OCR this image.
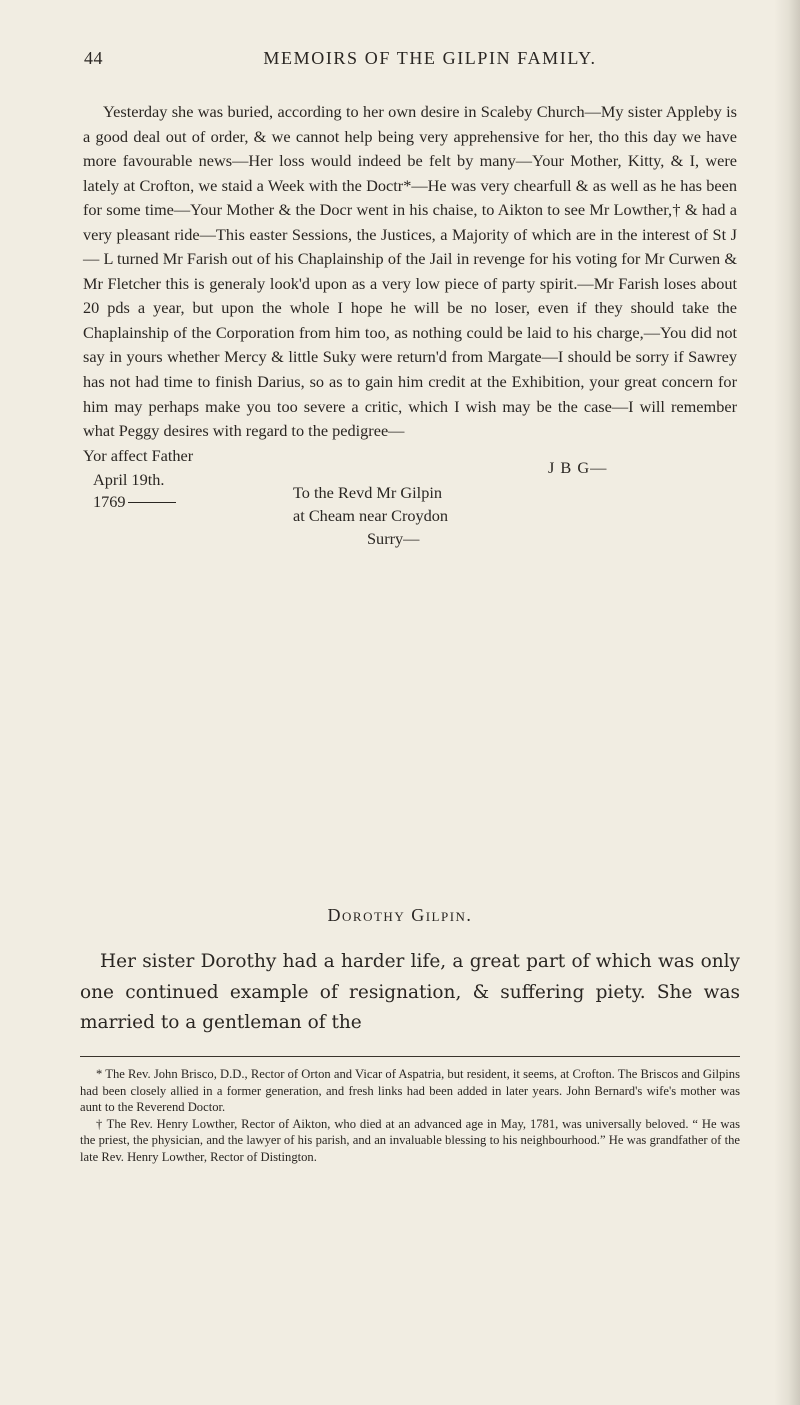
44	MEMOIRS OF THE GILPIN FAMILY.

Yesterday she was buried, according to her own desire in Scaleby Church—My sister Appleby is a good deal out of order, & we cannot help being very apprehensive for her, tho this day we have more favourable news—Her loss would indeed be felt by many—Your Mother, Kitty, & I, were lately at Crofton, we staid a Week with the Doctr*—He was very chearfull & as well as he has been for some time—Your Mother & the Docr went in his chaise, to Aikton to see Mr Lowther,† & had a very pleasant ride—This easter Sessions, the Justices, a Majority of which are in the interest of St J— L turned Mr Farish out of his Chaplainship of the Jail in revenge for his voting for Mr Curwen & Mr Fletcher this is generaly look'd upon as a very low piece of party spirit.—Mr Farish loses about 20 pds a year, but upon the whole I hope he will be no loser, even if they should take the Chaplainship of the Corporation from him too, as nothing could be laid to his charge,—You did not say in yours whether Mercy & little Suky were return'd from Margate—I should be sorry if Sawrey has not had time to finish Darius, so as to gain him credit at the Exhibition, your great concern for him may perhaps make you too severe a critic, which I wish may be the case—I will remember what Peggy desires with regard to the pedigree—

Yor affect Father
J B G—
April 19th.
To the Revd Mr Gilpin
at Cheam near Croydon
Surry—
1769
Dorothy Gilpin.

Her sister Dorothy had a harder life, a great part of which was only one continued example of resignation, & suffering piety. She was married to a gentleman of the

* The Rev. John Brisco, D.D., Rector of Orton and Vicar of Aspatria, but resident, it seems, at Crofton. The Briscos and Gilpins had been closely allied in a former generation, and fresh links had been added in later years. John Bernard's wife's mother was aunt to the Reverend Doctor.

† The Rev. Henry Lowther, Rector of Aikton, who died at an advanced age in May, 1781, was universally beloved. “ He was the priest, the physician, and the lawyer of his parish, and an invaluable blessing to his neighbourhood.” He was grandfather of the late Rev. Henry Lowther, Rector of Distington.
